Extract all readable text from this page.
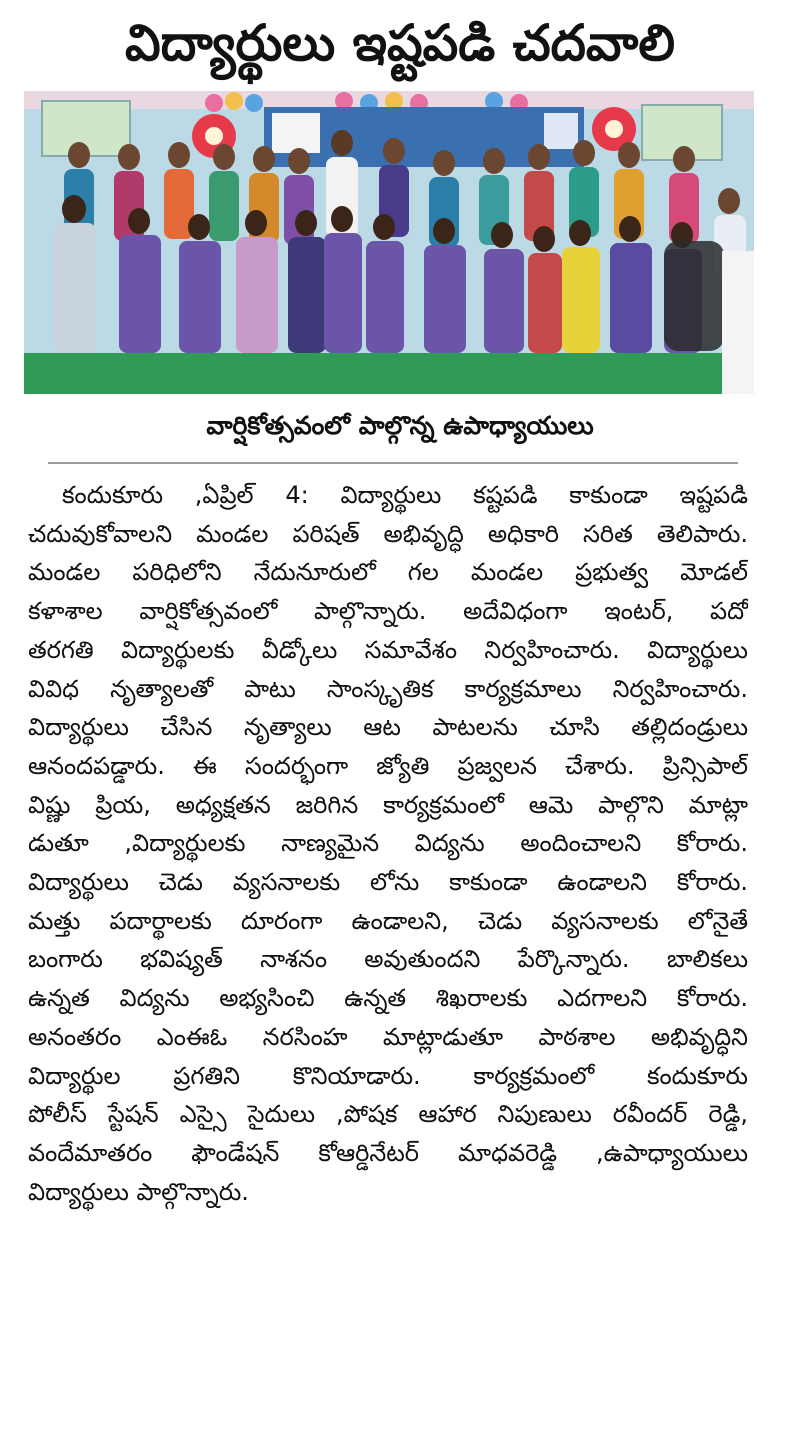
విద్యార్థులు ఇష్టపడి చదవాలి
వార్షికోత్సవంలో పాల్గొన్న ఉపాధ్యాయులు
కందుకూరు ,ఏప్రిల్ 4: విద్యార్థులు కష్టపడి కాకుండా ఇష్టపడి
చదువుకోవాలని మండల పరిషత్ అభివృద్ధి అధికారి సరిత తెలిపారు.
మండల పరిధిలోని నేదునూరులో గల మండల ప్రభుత్వ మోడల్
కళాశాల వార్షికోత్సవంలో పాల్గొన్నారు. అదేవిధంగా ఇంటర్, పదో
తరగతి విద్యార్థులకు వీడ్కోలు సమావేశం నిర్వహించారు. విద్యార్థులు
వివిధ నృత్యాలతో పాటు సాంస్కృతిక కార్యక్రమాలు నిర్వహించారు.
విద్యార్థులు చేసిన నృత్యాలు ఆట పాటలను చూసి తల్లిదండ్రులు
ఆనందపడ్డారు. ఈ సందర్భంగా జ్యోతి ప్రజ్వలన చేశారు. ప్రిన్సిపాల్
విష్ణు ప్రియ, అధ్యక్షతన జరిగిన కార్యక్రమంలో ఆమె పాల్గొని మాట్లా
డుతూ ,విద్యార్థులకు నాణ్యమైన విద్యను అందించాలని కోరారు.
విద్యార్థులు చెడు వ్యసనాలకు లోను కాకుండా ఉండాలని కోరారు.
మత్తు పదార్థాలకు దూరంగా ఉండాలని, చెడు వ్యసనాలకు లోనైతే
బంగారు భవిష్యత్ నాశనం అవుతుందని పేర్కొన్నారు. బాలికలు
ఉన్నత విద్యను అభ్యసించి ఉన్నత శిఖరాలకు ఎదగాలని కోరారు.
అనంతరం ఎంఈఓ నరసింహ మాట్లాడుతూ పాఠశాల అభివృద్ధిని
విద్యార్థుల ప్రగతిని కొనియాడారు. కార్యక్రమంలో కందుకూరు
పోలీస్ స్టేషన్ ఎస్సై సైదులు ,పోషక ఆహార నిపుణులు రవీందర్ రెడ్డి,
వందేమాతరం ఫౌండేషన్ కోఆర్డినేటర్ మాధవరెడ్డి ,ఉపాధ్యాయులు
విద్యార్థులు పాల్గొన్నారు.
